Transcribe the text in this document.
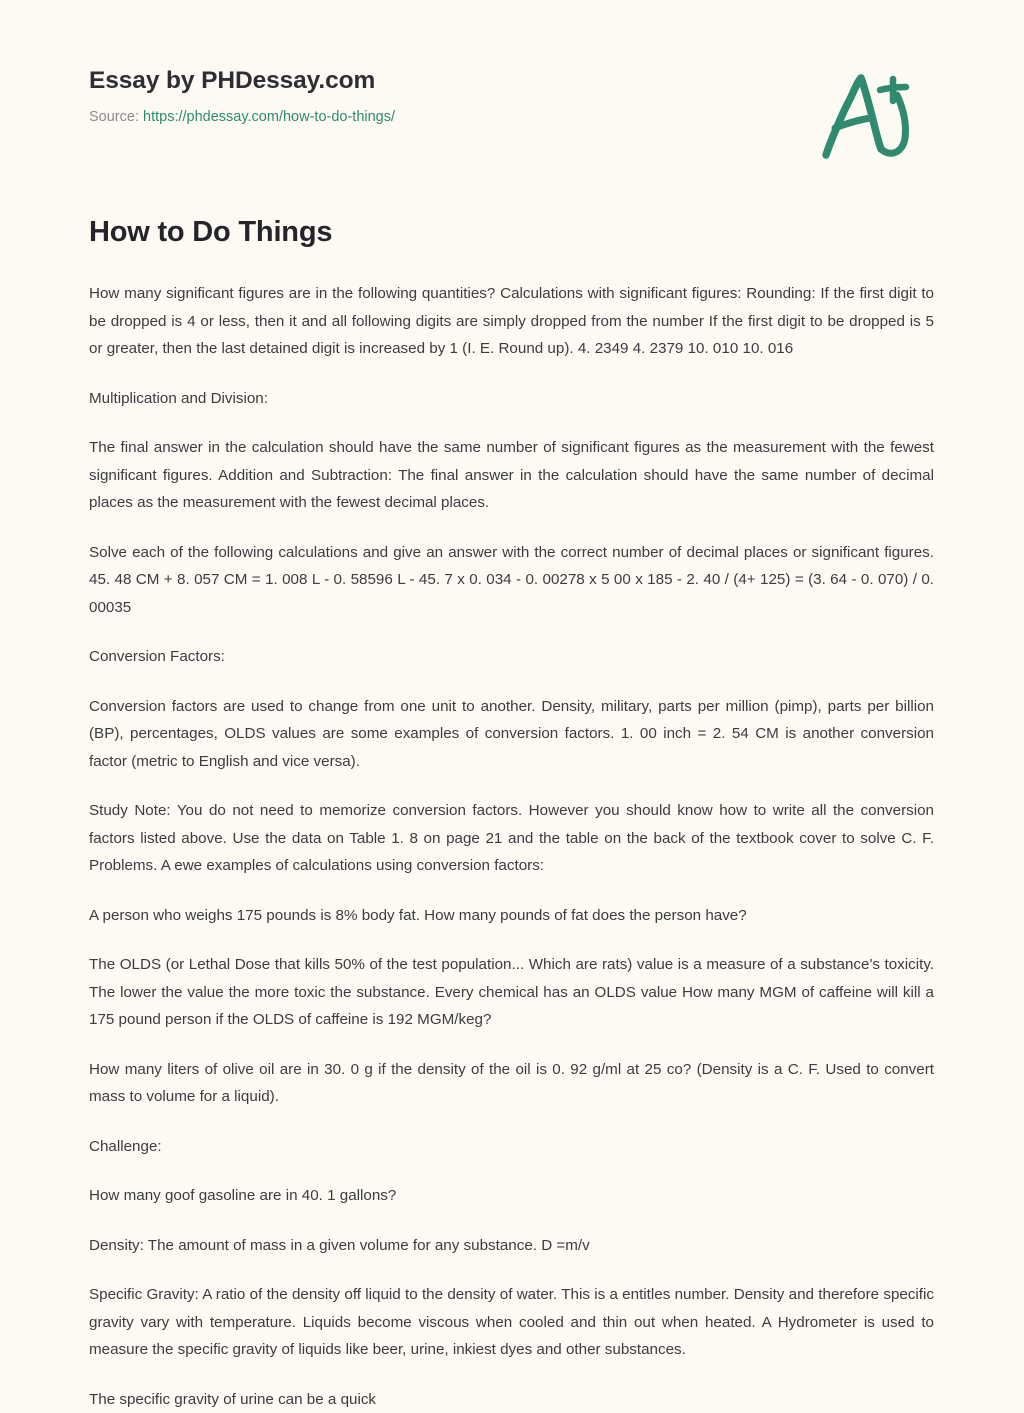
Essay by PHDessay.com
Source: https://phdessay.com/how-to-do-things/
How to Do Things

How many significant figures are in the following quantities? Calculations with significant figures: Rounding: If the first digit to be dropped is 4 or less, then it and all following digits are simply dropped from the number If the first digit to be dropped is 5 or greater, then the last detained digit is increased by 1 (I. E. Round up). 4. 2349 4. 2379 10. 010 10. 016

Multiplication and Division:

The final answer in the calculation should have the same number of significant figures as the measurement with the fewest significant figures. Addition and Subtraction: The final answer in the calculation should have the same number of decimal places as the measurement with the fewest decimal places.

Solve each of the following calculations and give an answer with the correct number of decimal places or significant figures. 45. 48 CM + 8. 057 CM = 1. 008 L - 0. 58596 L - 45. 7 x 0. 034 - 0. 00278 x 5 00 x 185 - 2. 40 / (4+ 125) = (3. 64 - 0. 070) / 0. 00035

Conversion Factors:

Conversion factors are used to change from one unit to another. Density, military, parts per million (pimp), parts per billion (BP), percentages, OLDS values are some examples of conversion factors. 1. 00 inch = 2. 54 CM is another conversion factor (metric to English and vice versa).

Study Note: You do not need to memorize conversion factors. However you should know how to write all the conversion factors listed above. Use the data on Table 1. 8 on page 21 and the table on the back of the textbook cover to solve C. F. Problems. A ewe examples of calculations using conversion factors:

A person who weighs 175 pounds is 8% body fat. How many pounds of fat does the person have?

The OLDS (or Lethal Dose that kills 50% of the test population... Which are rats) value is a measure of a substance's toxicity. The lower the value the more toxic the substance. Every chemical has an OLDS value How many MGM of caffeine will kill a 175 pound person if the OLDS of caffeine is 192 MGM/keg?

How many liters of olive oil are in 30. 0 g if the density of the oil is 0. 92 g/ml at 25 co? (Density is a C. F. Used to convert mass to volume for a liquid).

Challenge:

How many goof gasoline are in 40. 1 gallons?

Density: The amount of mass in a given volume for any substance. D =m/v

Specific Gravity: A ratio of the density off liquid to the density of water. This is a entitles number. Density and therefore specific gravity vary with temperature. Liquids become viscous when cooled and thin out when heated. A Hydrometer is used to measure the specific gravity of liquids like beer, urine, inkiest dyes and other substances.

The specific gravity of urine can be a quick
